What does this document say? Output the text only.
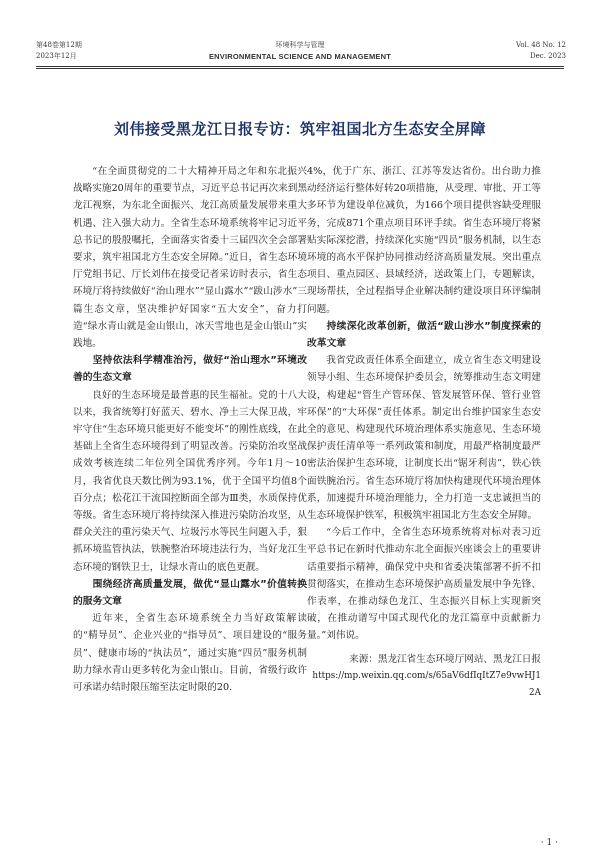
第48卷第12期
2023年12月
环境科学与管理
ENVIRONMENTAL SCIENCE AND MANAGEMENT
Vol. 48 No. 12
Dec. 2023
刘伟接受黑龙江日报专访：筑牢祖国北方生态安全屏障

“在全面贯彻党的二十大精神开局之年和东北振兴战略实施20周年的重要节点，习近平总书记再次来到黑龙江视察，为东北全面振兴、龙江高质量发展带来重大机遇、注入强大动力。全省生态环境系统将牢记习近平总书记的殷殷嘱托，全面落实省委十三届四次全会部署要求，筑牢祖国北方生态安全屏障。”近日，省生态环境厅党组书记、厅长刘伟在接受记者采访时表示，省生态环境厅将持续做好“治山理水”“显山露水”“跋山涉水”三篇生态文章，坚决维护好国家“五大安全”，奋力打造“绿水青山就是金山银山，冰天雪地也是金山银山”实践地。

坚持依法科学精准治污，做好“治山理水”环境改善的生态文章

良好的生态环境是最普惠的民生福祉。党的十八大以来，我省统筹打好蓝天、碧水、净土三大保卫战，牢牢守住“生态环境只能更好不能变坏”的刚性底线，在此基础上全省生态环境得到了明显改善。污染防治攻坚战成效考核连续二年位列全国优秀序列。今年1月～10月，我省优良天数比例为93.1%，优于全国平均值8个百分点；松花江干流国控断面全部为Ⅲ类，水质保持优等级。省生态环境厅将持续深入推进污染防治攻坚，从群众关注的重污染天气、垃圾污水等民生问题入手，狠抓环境监管执法，铁腕整治环境违法行为，当好龙江生态环境的钢铁卫士，让绿水青山的底色更靓。

围绕经济高质量发展，做优“显山露水”价值转换的服务文章

近年来，全省生态环境系统全力当好政策解读的“精导员”、企业兴业的“指导员”、项目建设的“服务员”、健康市场的“执法员”，通过实施“四员”服务机制助力绿水青山更多转化为金山银山。目前，省级行政许可承诺办结时限压缩至法定时限的20.

4%，优于广东、浙江、江苏等发达省份。出台助力推动经济运行整体好转20项措施，从受理、审批、开工等多环节为建设单位减负，为166个项目提供容缺受理服务，完成871个重点项目环评手续。省生态环境厅将紧贴实际深挖潜，持续深化实施“四员”服务机制，以生态环境的高水平保护协同推动经济高质量发展。突出重点项目、重点园区、县域经济，送政策上门，专题解读，现场帮扶，全过程指导企业解决制约建设项目环评编制问题。

持续深化改革创新，做活“跋山涉水”制度探索的改革文章

我省党政责任体系全面建立，成立省生态文明建设领导小组、生态环境保护委员会，统筹推动生态文明建设，构建起“管生产管环保、管发展管环保、管行业管环保”的“大环保”责任体系。制定出台维护国家生态安全的意见、构建现代环境治理体系实施意见、生态环境保护责任清单等一系列政策和制度，用最严格制度最严密法治保护生态环境，让制度长出“锯牙利齿”，铁心铁面铁腕治污。省生态环境厅将加快构建现代环境治理体系，加速提升环境治理能力，全力打造一支忠诚担当的生态环境保护铁军，积极筑牢祖国北方生态安全屏障。

“今后工作中，全省生态环境系统将对标对表习近平总书记在新时代推动东北全面振兴座谈会上的重要讲话重要指示精神，确保党中央和省委决策部署不折不扣贯彻落实，在推动生态环境保护高质量发展中争先锋、作表率，在推动绿色龙江、生态振兴目标上实现新突破，在推动谱写中国式现代化的龙江篇章中贡献新力量。”刘伟说。

来源：黑龙江省生态环境厅网站、黑龙江日报

https://mp.weixin.qq.com/s/65aV6dfIqItZ7e9vwHJ12A

· 1 ·
